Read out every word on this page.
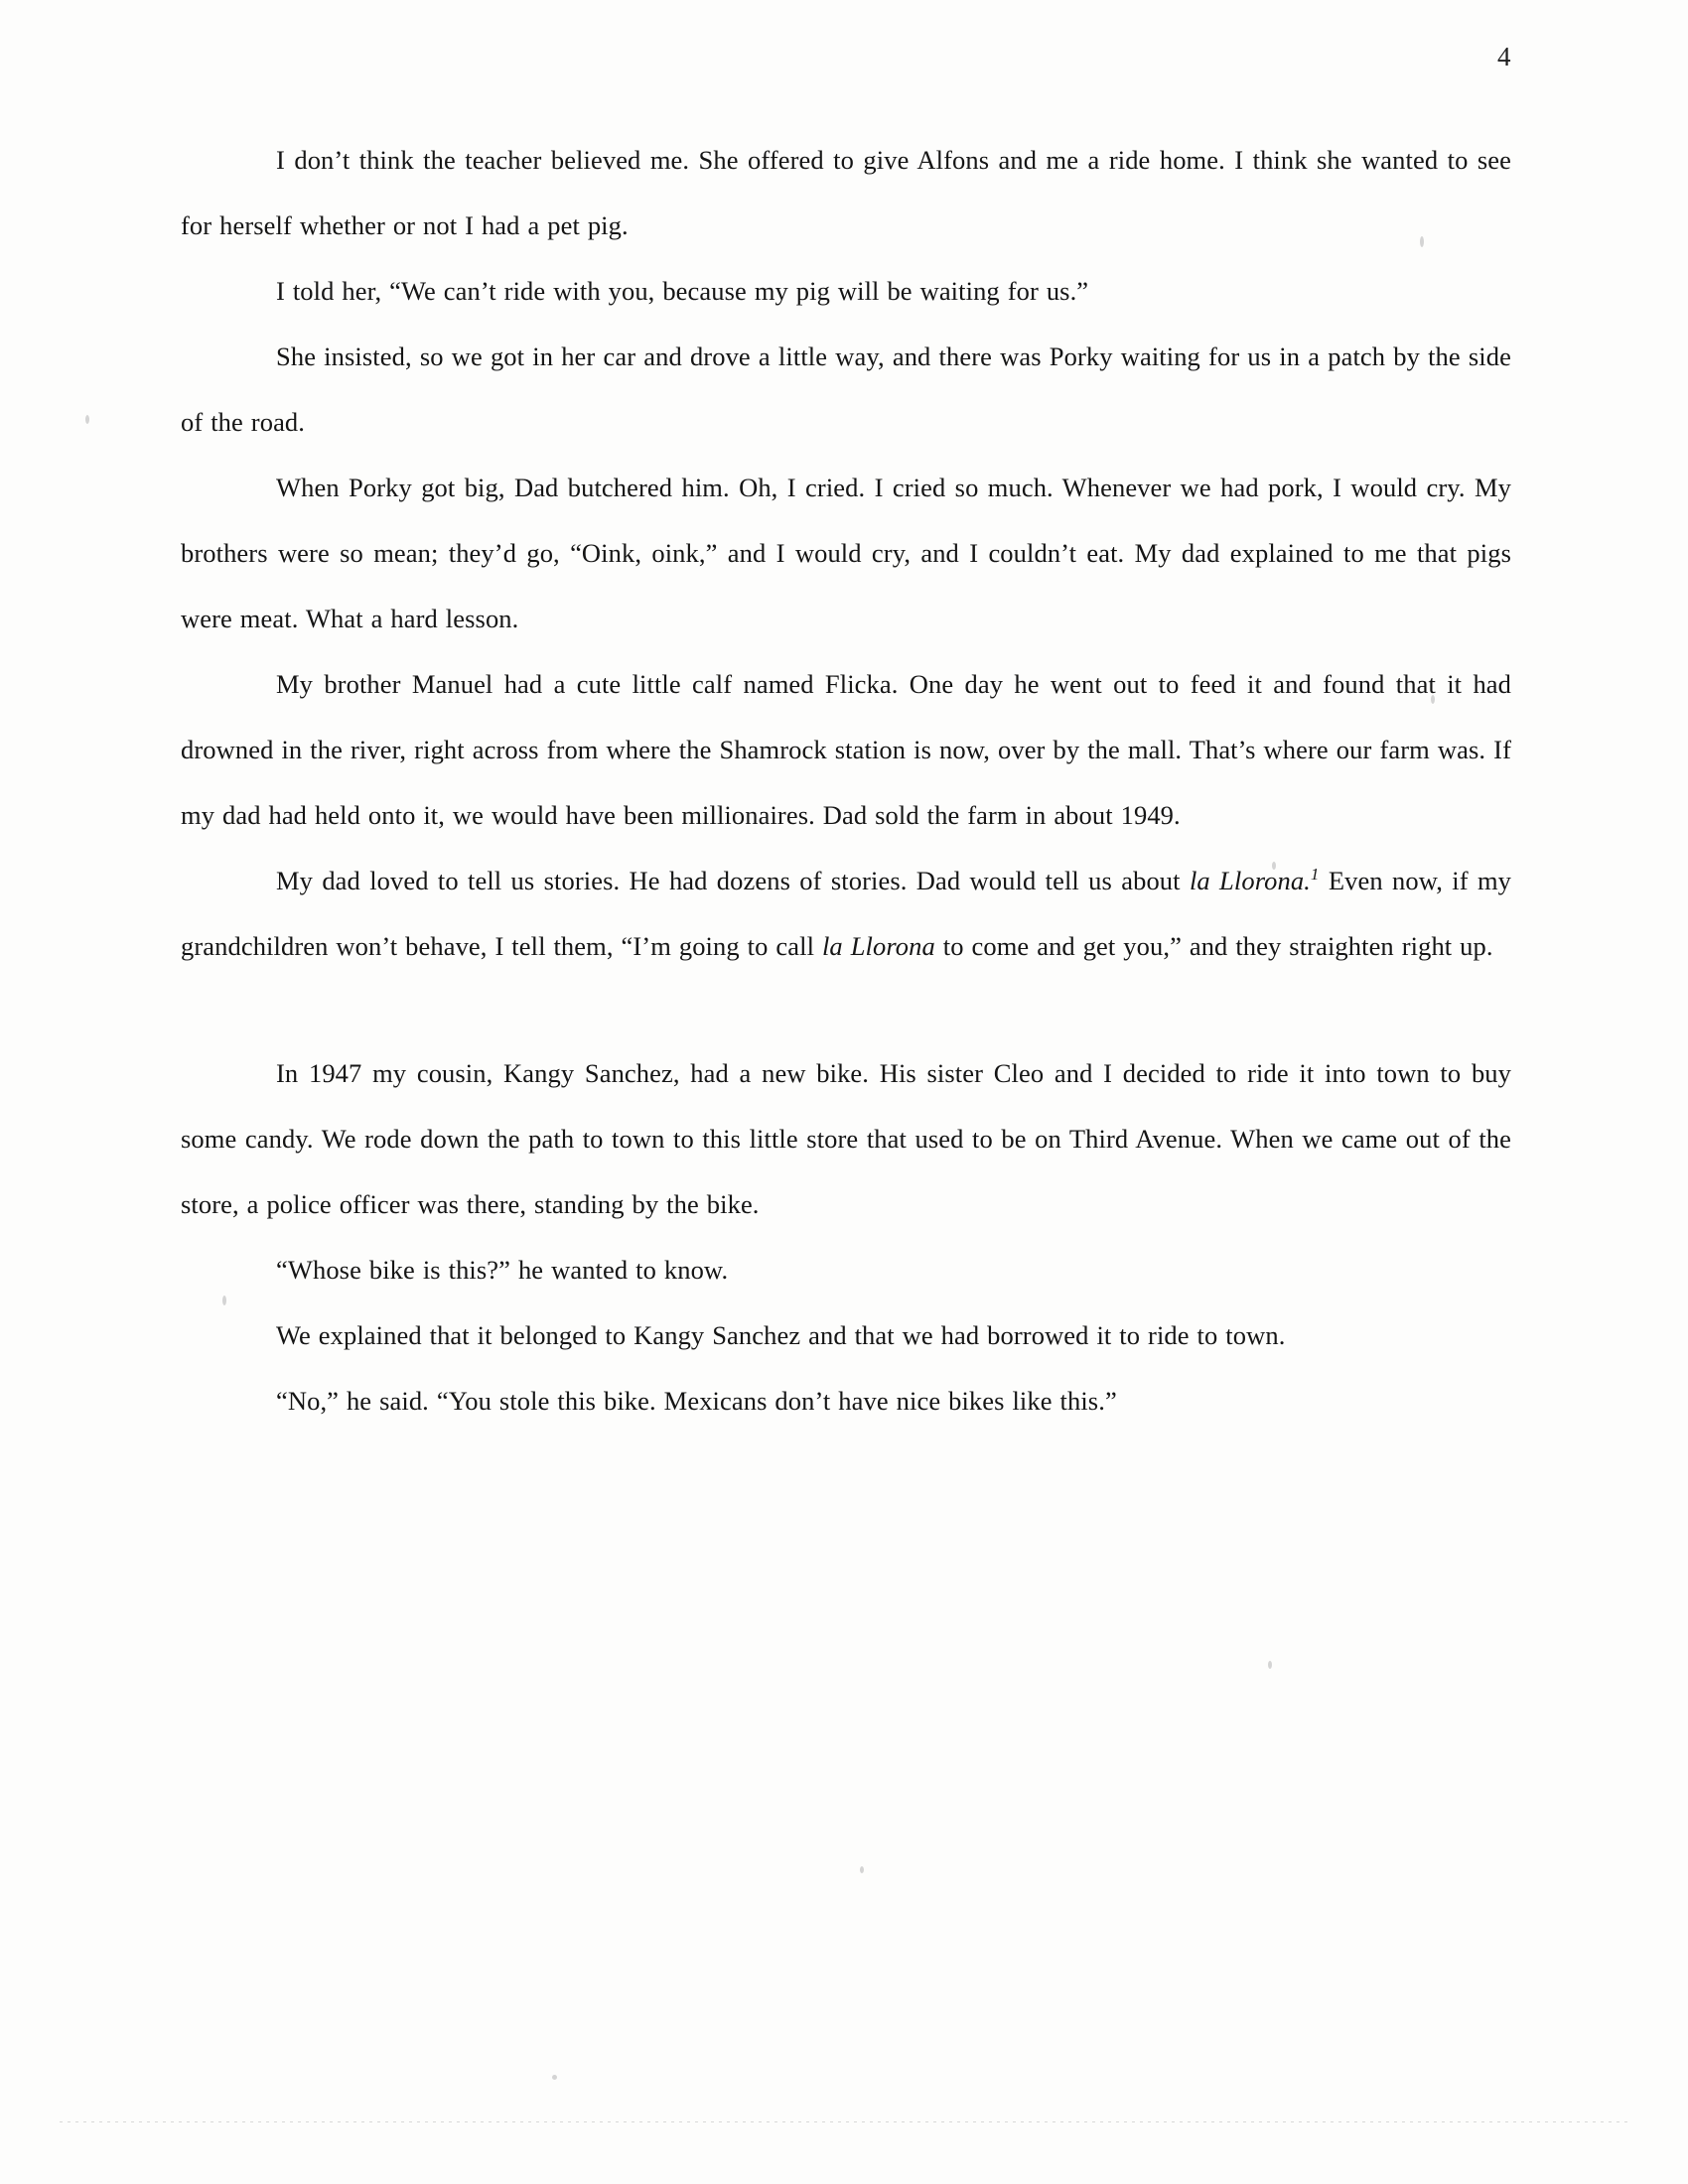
4

I don’t think the teacher believed me. She offered to give Alfons and me a ride home. I think she wanted to see for herself whether or not I had a pet pig.

I told her, “We can’t ride with you, because my pig will be waiting for us.”

She insisted, so we got in her car and drove a little way, and there was Porky waiting for us in a patch by the side of the road.

When Porky got big, Dad butchered him. Oh, I cried. I cried so much. Whenever we had pork, I would cry. My brothers were so mean; they’d go, “Oink, oink,” and I would cry, and I couldn’t eat. My dad explained to me that pigs were meat. What a hard lesson.

My brother Manuel had a cute little calf named Flicka. One day he went out to feed it and found that it had drowned in the river, right across from where the Shamrock station is now, over by the mall. That’s where our farm was. If my dad had held onto it, we would have been millionaires. Dad sold the farm in about 1949.

My dad loved to tell us stories. He had dozens of stories. Dad would tell us about la Llorona.$^1$ Even now, if my grandchildren won’t behave, I tell them, “I’m going to call la Llorona to come and get you,” and they straighten right up.

In 1947 my cousin, Kangy Sanchez, had a new bike. His sister Cleo and I decided to ride it into town to buy some candy. We rode down the path to town to this little store that used to be on Third Avenue. When we came out of the store, a police officer was there, standing by the bike.

“Whose bike is this?” he wanted to know.

We explained that it belonged to Kangy Sanchez and that we had borrowed it to ride to town.

“No,” he said. “You stole this bike. Mexicans don’t have nice bikes like this.”
